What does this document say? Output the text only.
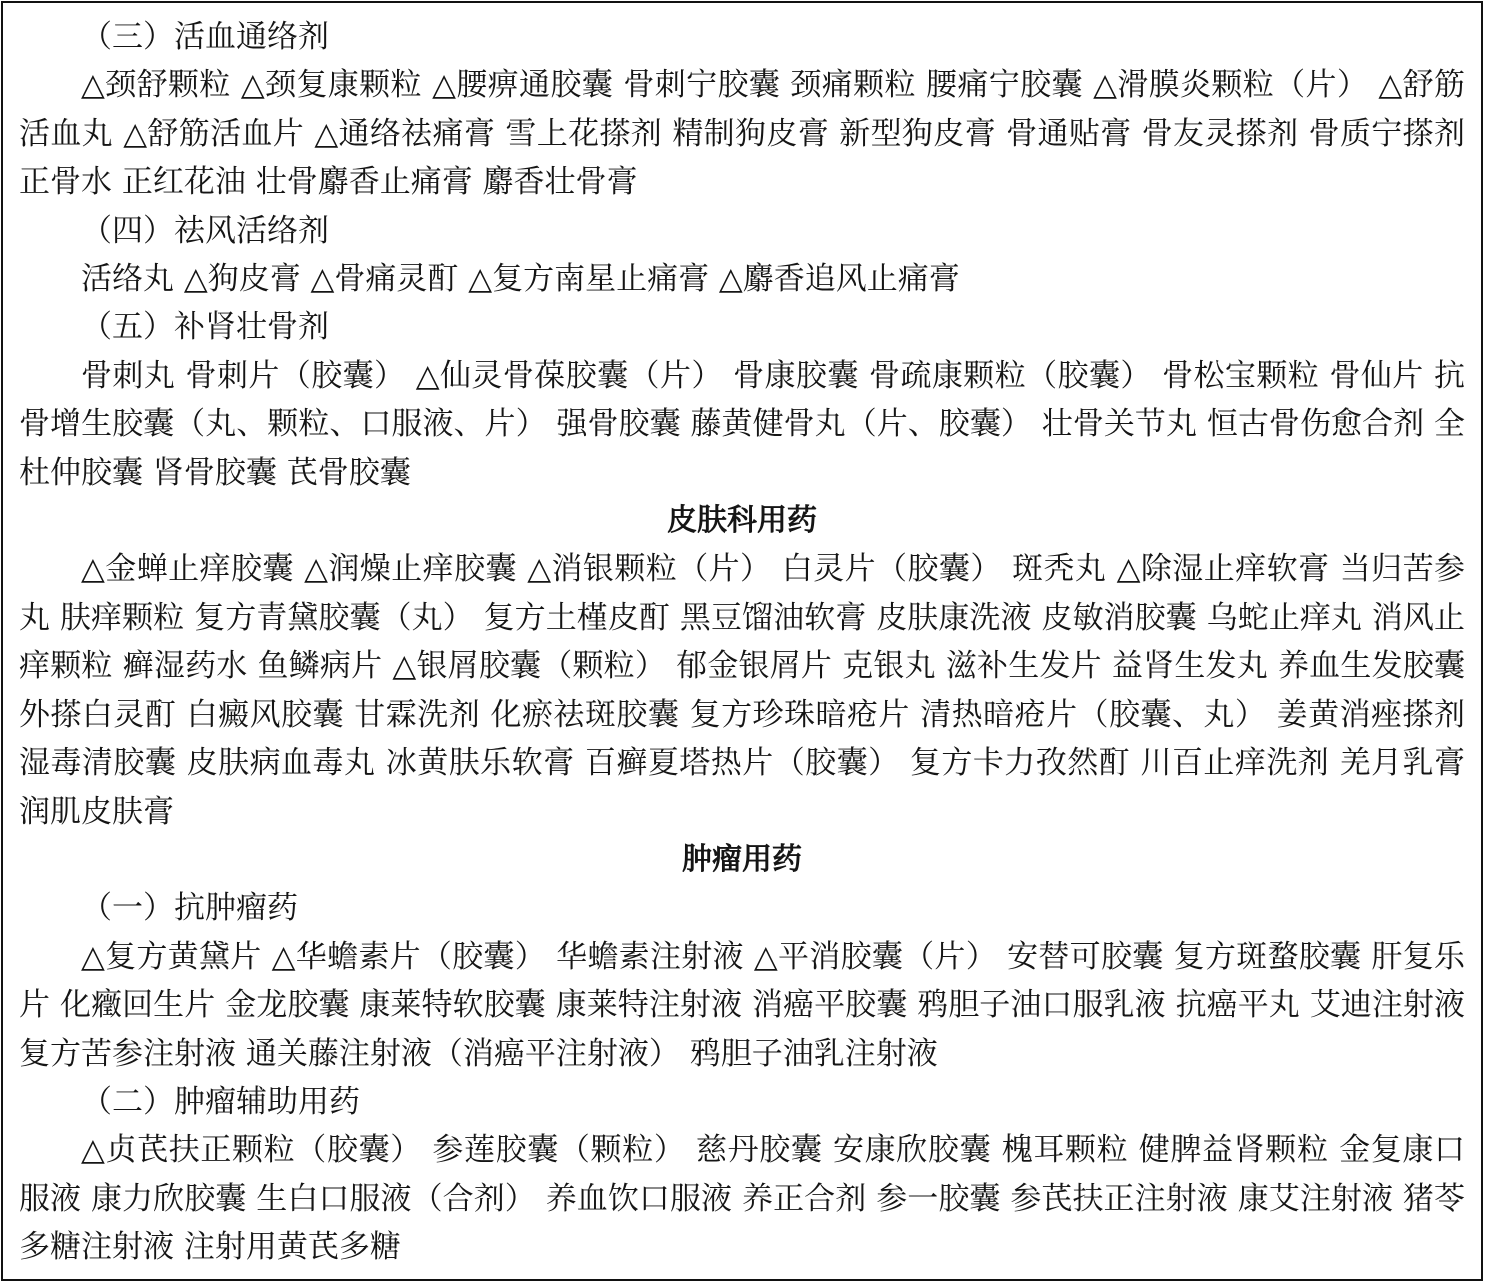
（三）活血通络剂

△颈舒颗粒 △颈复康颗粒 △腰痹通胶囊 骨刺宁胶囊 颈痛颗粒 腰痛宁胶囊 △滑膜炎颗粒（片） △舒筋活血丸 △舒筋活血片 △通络祛痛膏 雪上花搽剂 精制狗皮膏 新型狗皮膏 骨通贴膏 骨友灵搽剂 骨质宁搽剂 正骨水 正红花油 壮骨麝香止痛膏 麝香壮骨膏

（四）祛风活络剂

活络丸 △狗皮膏 △骨痛灵酊 △复方南星止痛膏 △麝香追风止痛膏

（五）补肾壮骨剂

骨刺丸 骨刺片（胶囊） △仙灵骨葆胶囊（片） 骨康胶囊 骨疏康颗粒（胶囊） 骨松宝颗粒 骨仙片 抗骨增生胶囊（丸、颗粒、口服液、片） 强骨胶囊 藤黄健骨丸（片、胶囊） 壮骨关节丸 恒古骨伤愈合剂 全杜仲胶囊 肾骨胶囊 芪骨胶囊

皮肤科用药

△金蝉止痒胶囊 △润燥止痒胶囊 △消银颗粒（片） 白灵片（胶囊） 斑秃丸 △除湿止痒软膏 当归苦参丸 肤痒颗粒 复方青黛胶囊（丸） 复方土槿皮酊 黑豆馏油软膏 皮肤康洗液 皮敏消胶囊 乌蛇止痒丸 消风止痒颗粒 癣湿药水 鱼鳞病片 △银屑胶囊（颗粒） 郁金银屑片 克银丸 滋补生发片 益肾生发丸 养血生发胶囊 外搽白灵酊 白癜风胶囊 甘霖洗剂 化瘀祛斑胶囊 复方珍珠暗疮片 清热暗疮片（胶囊、丸） 姜黄消痤搽剂 湿毒清胶囊 皮肤病血毒丸 冰黄肤乐软膏 百癣夏塔热片（胶囊） 复方卡力孜然酊 川百止痒洗剂 羌月乳膏 润肌皮肤膏

肿瘤用药

（一）抗肿瘤药

△复方黄黛片 △华蟾素片（胶囊） 华蟾素注射液 △平消胶囊（片） 安替可胶囊 复方斑蝥胶囊 肝复乐片 化癥回生片 金龙胶囊 康莱特软胶囊 康莱特注射液 消癌平胶囊 鸦胆子油口服乳液 抗癌平丸 艾迪注射液 复方苦参注射液 通关藤注射液（消癌平注射液） 鸦胆子油乳注射液

（二）肿瘤辅助用药

△贞芪扶正颗粒（胶囊） 参莲胶囊（颗粒） 慈丹胶囊 安康欣胶囊 槐耳颗粒 健脾益肾颗粒 金复康口服液 康力欣胶囊 生白口服液（合剂） 养血饮口服液 养正合剂 参一胶囊 参芪扶正注射液 康艾注射液 猪苓多糖注射液 注射用黄芪多糖
